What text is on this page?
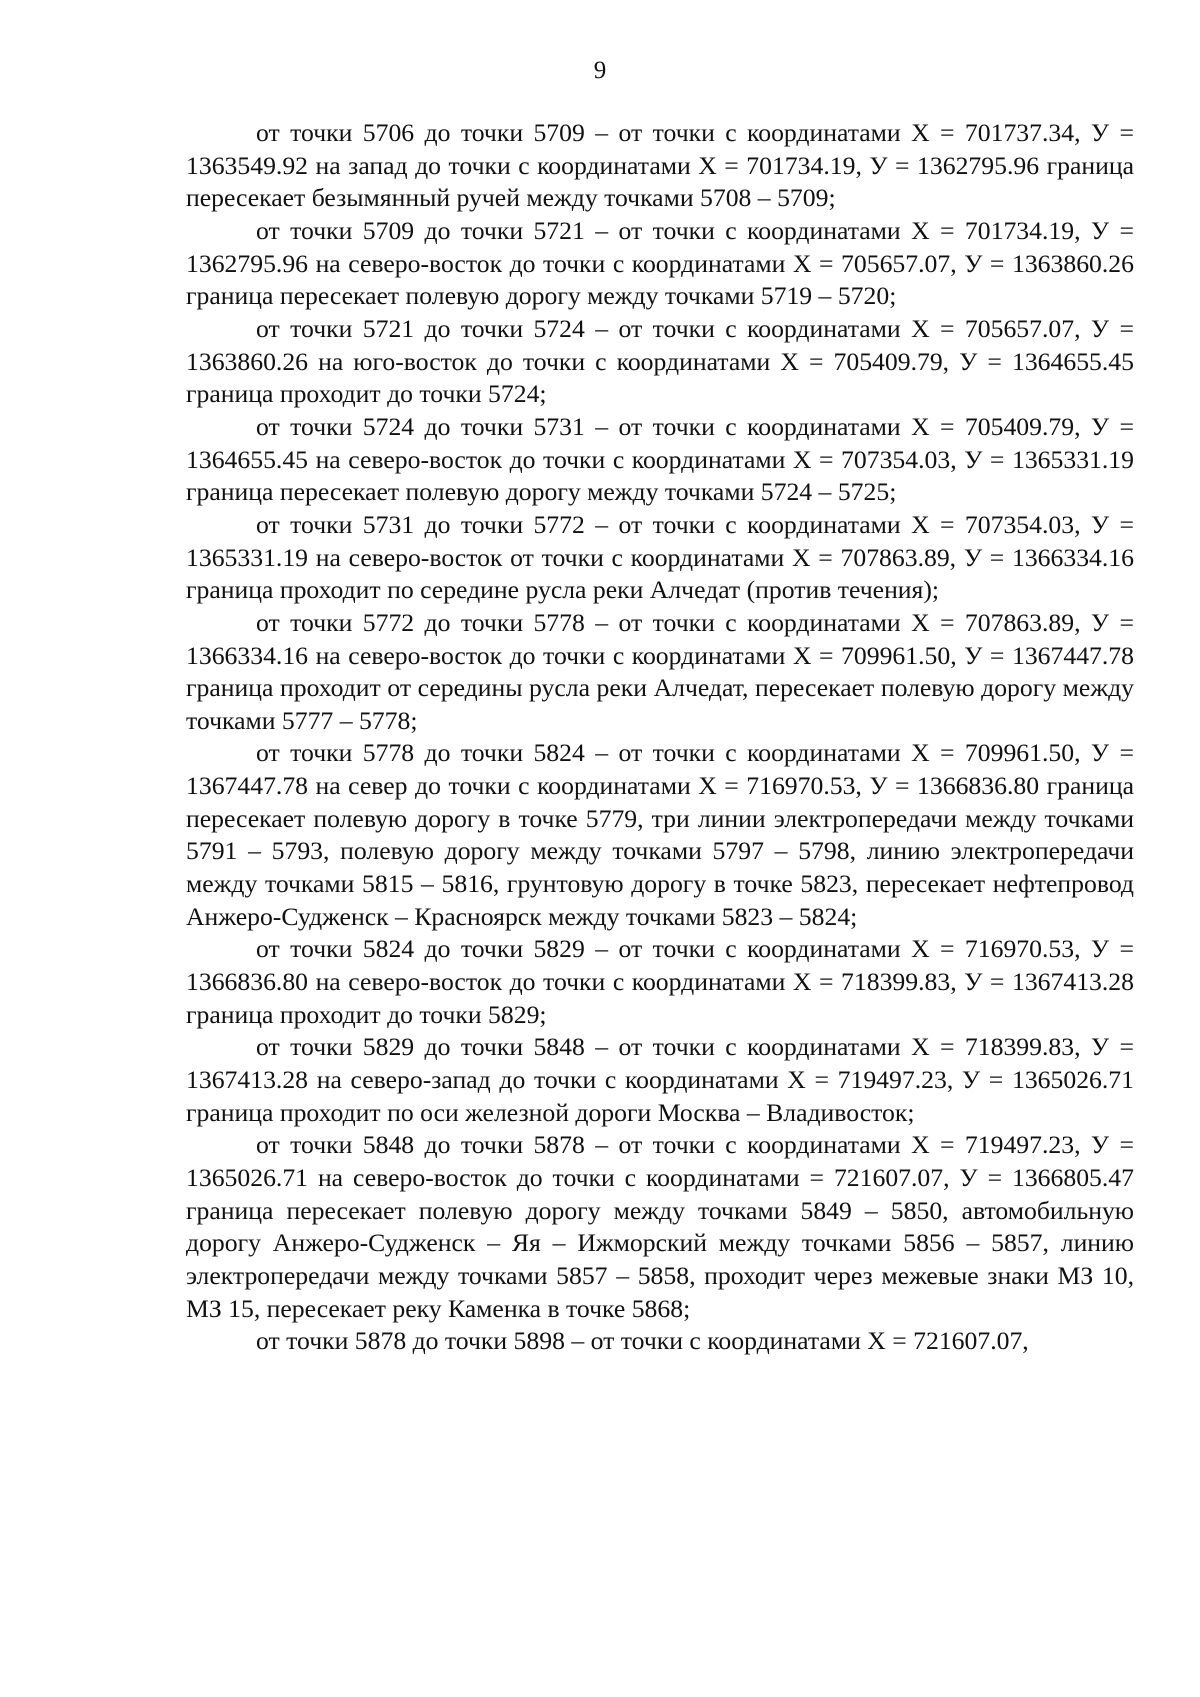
9

от точки 5706 до точки 5709 – от точки с координатами X = 701737.34, У = 1363549.92 на запад до точки с координатами X = 701734.19, У = 1362795.96 граница пересекает безымянный ручей между точками 5708 – 5709;

от точки 5709 до точки 5721 – от точки с координатами X = 701734.19, У = 1362795.96 на северо-восток до точки с координатами X = 705657.07, У = 1363860.26 граница пересекает полевую дорогу между точками 5719 – 5720;

от точки 5721 до точки 5724 – от точки с координатами X = 705657.07, У = 1363860.26 на юго-восток до точки с координатами X = 705409.79, У = 1364655.45 граница проходит до точки 5724;

от точки 5724 до точки 5731 – от точки с координатами X = 705409.79, У = 1364655.45 на северо-восток до точки с координатами X = 707354.03, У = 1365331.19 граница пересекает полевую дорогу между точками 5724 – 5725;

от точки 5731 до точки 5772 – от точки с координатами X = 707354.03, У = 1365331.19 на северо-восток от точки с координатами X = 707863.89, У = 1366334.16 граница проходит по середине русла реки Алчедат (против течения);

от точки 5772 до точки 5778 – от точки с координатами X = 707863.89, У = 1366334.16 на северо-восток до точки с координатами X = 709961.50, У = 1367447.78 граница проходит от середины русла реки Алчедат, пересекает полевую дорогу между точками 5777 – 5778;

от точки 5778 до точки 5824 – от точки с координатами X = 709961.50, У = 1367447.78 на север до точки с координатами X = 716970.53, У = 1366836.80 граница пересекает полевую дорогу в точке 5779, три линии электропередачи между точками 5791 – 5793, полевую дорогу между точками 5797 – 5798, линию электропередачи между точками 5815 – 5816, грунтовую дорогу в точке 5823, пересекает нефтепровод Анжеро-Судженск – Красноярск между точками 5823 – 5824;

от точки 5824 до точки 5829 – от точки с координатами X = 716970.53, У = 1366836.80 на северо-восток до точки с координатами X = 718399.83, У = 1367413.28 граница проходит до точки 5829;

от точки 5829 до точки 5848 – от точки с координатами X = 718399.83, У = 1367413.28 на северо-запад до точки с координатами X = 719497.23, У = 1365026.71 граница проходит по оси железной дороги Москва – Владивосток;

от точки 5848 до точки 5878 – от точки с координатами X = 719497.23, У = 1365026.71 на северо-восток до точки с координатами = 721607.07, У = 1366805.47 граница пересекает полевую дорогу между точками 5849 – 5850, автомобильную дорогу Анжеро-Судженск – Яя – Ижморский между точками 5856 – 5857, линию электропередачи между точками 5857 – 5858, проходит через межевые знаки МЗ 10, МЗ 15, пересекает реку Каменка в точке 5868;

от точки 5878 до точки 5898 – от точки с координатами X = 721607.07,
